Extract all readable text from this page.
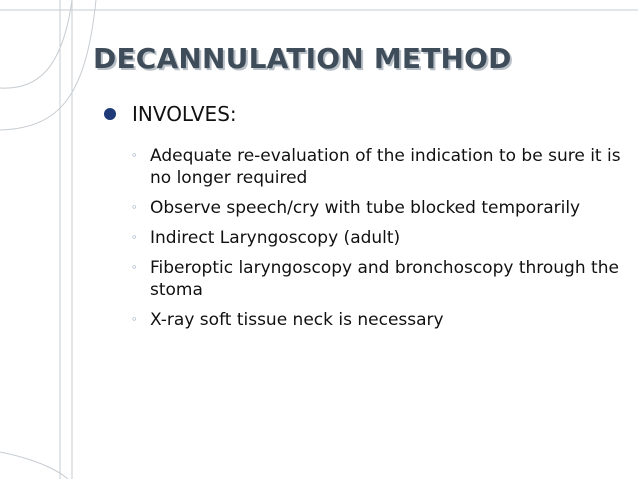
DECANNULATION METHOD
INVOLVES:
◦ Adequate re-evaluation of the indication to be sure it is no longer required
◦ Observe speech/cry with tube blocked temporarily
◦ Indirect Laryngoscopy (adult)
◦ Fiberoptic laryngoscopy and bronchoscopy through the stoma
◦ X-ray soft tissue neck is necessary
